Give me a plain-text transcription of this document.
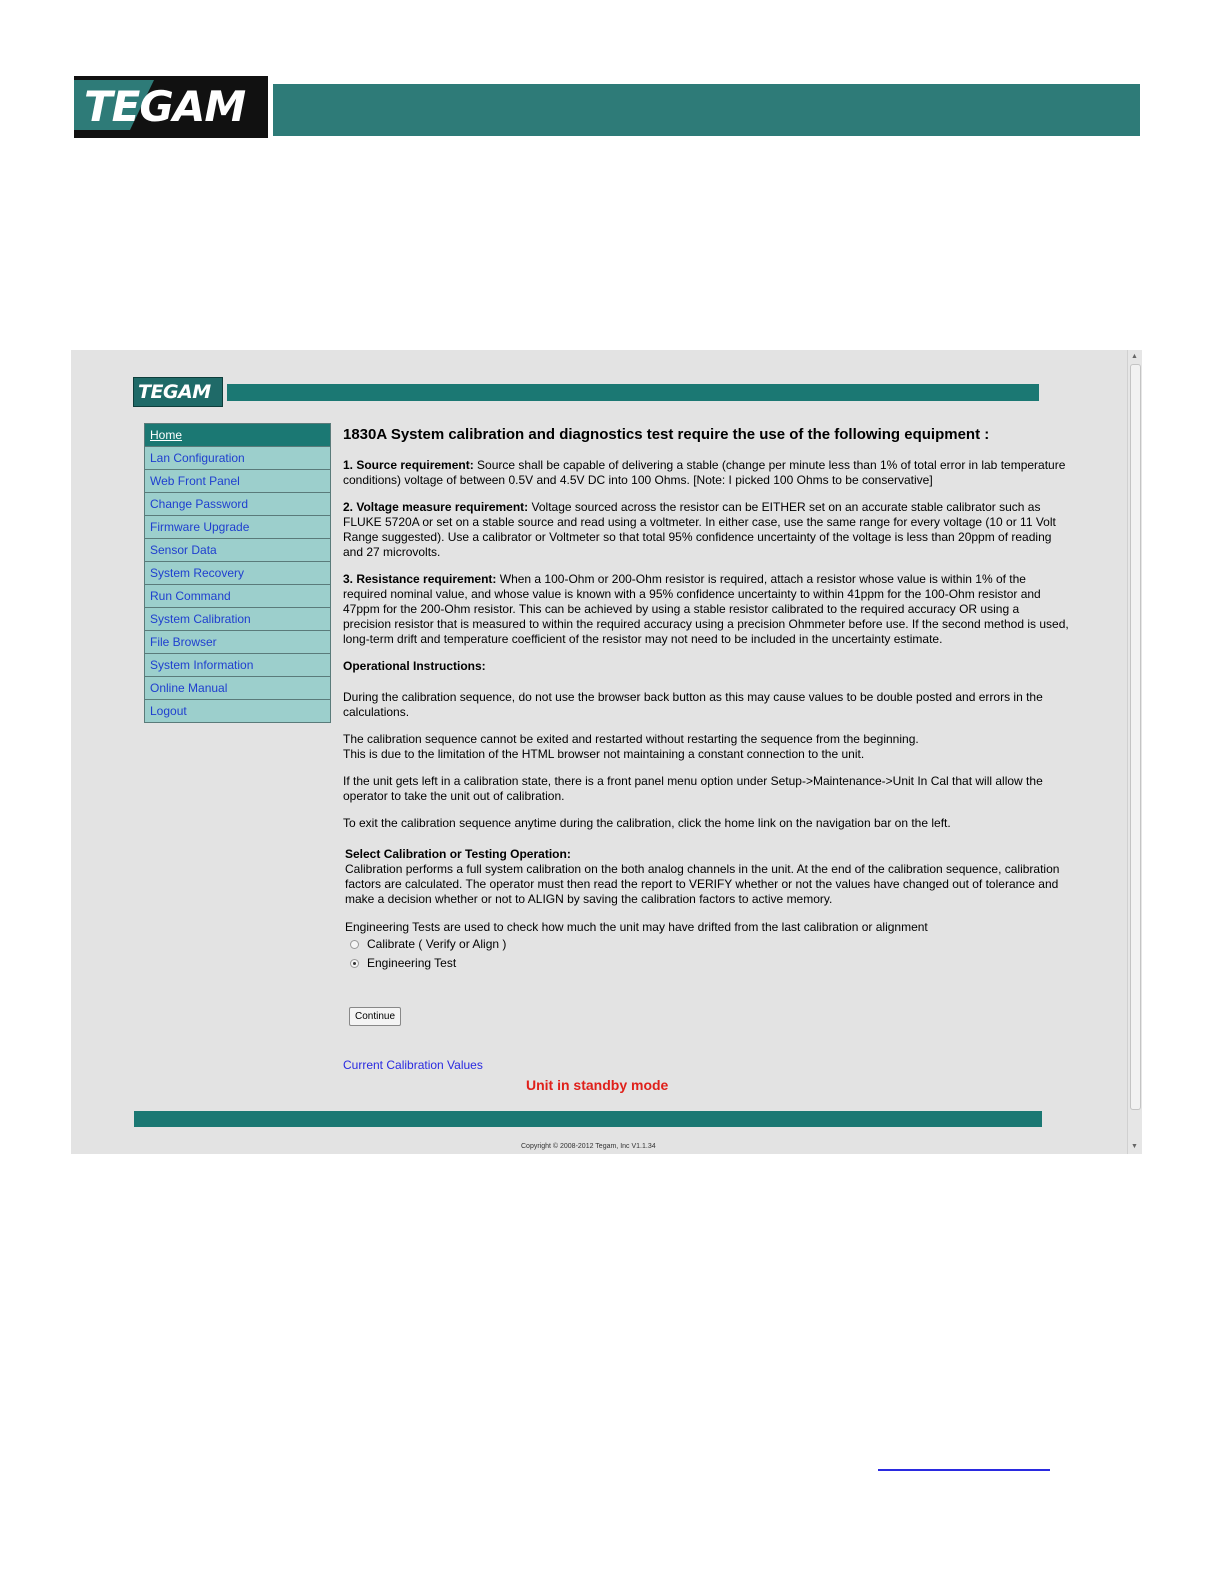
TEGAM
TEGAM
Home
Lan Configuration
Web Front Panel
Change Password
Firmware Upgrade
Sensor Data
System Recovery
Run Command
System Calibration
File Browser
System Information
Online Manual
Logout
1830A System calibration and diagnostics test require the use of the following equipment :

1. Source requirement: Source shall be capable of delivering a stable (change per minute less than 1% of total error in lab temperature conditions) voltage of between 0.5V and 4.5V DC into 100 Ohms. [Note: I picked 100 Ohms to be conservative]

2. Voltage measure requirement: Voltage sourced across the resistor can be EITHER set on an accurate stable calibrator such as FLUKE 5720A or set on a stable source and read using a voltmeter. In either case, use the same range for every voltage (10 or 11 Volt Range suggested). Use a calibrator or Voltmeter so that total 95% confidence uncertainty of the voltage is less than 20ppm of reading and 27 microvolts.

3. Resistance requirement: When a 100-Ohm or 200-Ohm resistor is required, attach a resistor whose value is within 1% of the required nominal value, and whose value is known with a 95% confidence uncertainty to within 41ppm for the 100-Ohm resistor and 47ppm for the 200-Ohm resistor. This can be achieved by using a stable resistor calibrated to the required accuracy OR using a precision resistor that is measured to within the required accuracy using a precision Ohmmeter before use. If the second method is used, long-term drift and temperature coefficient of the resistor may not need to be included in the uncertainty estimate.

Operational Instructions:

During the calibration sequence, do not use the browser back button as this may cause values to be double posted and errors in the calculations.

The calibration sequence cannot be exited and restarted without restarting the sequence from the beginning.
This is due to the limitation of the HTML browser not maintaining a constant connection to the unit.

If the unit gets left in a calibration state, there is a front panel menu option under Setup->Maintenance->Unit In Cal that will allow the operator to take the unit out of calibration.

To exit the calibration sequence anytime during the calibration, click the home link on the navigation bar on the left.

Select Calibration or Testing Operation:

Calibration performs a full system calibration on the both analog channels in the unit. At the end of the calibration sequence, calibration factors are calculated. The operator must then read the report to VERIFY whether or not the values have changed out of tolerance and make a decision whether or not to ALIGN by saving the calibration factors to active memory.

Engineering Tests are used to check how much the unit may have drifted from the last calibration or alignment
Calibrate ( Verify or Align )
Engineering Test
Continue
Current Calibration Values
Unit in standby mode
Copyright © 2008-2012 Tegam, Inc V1.1.34
▲
▼
